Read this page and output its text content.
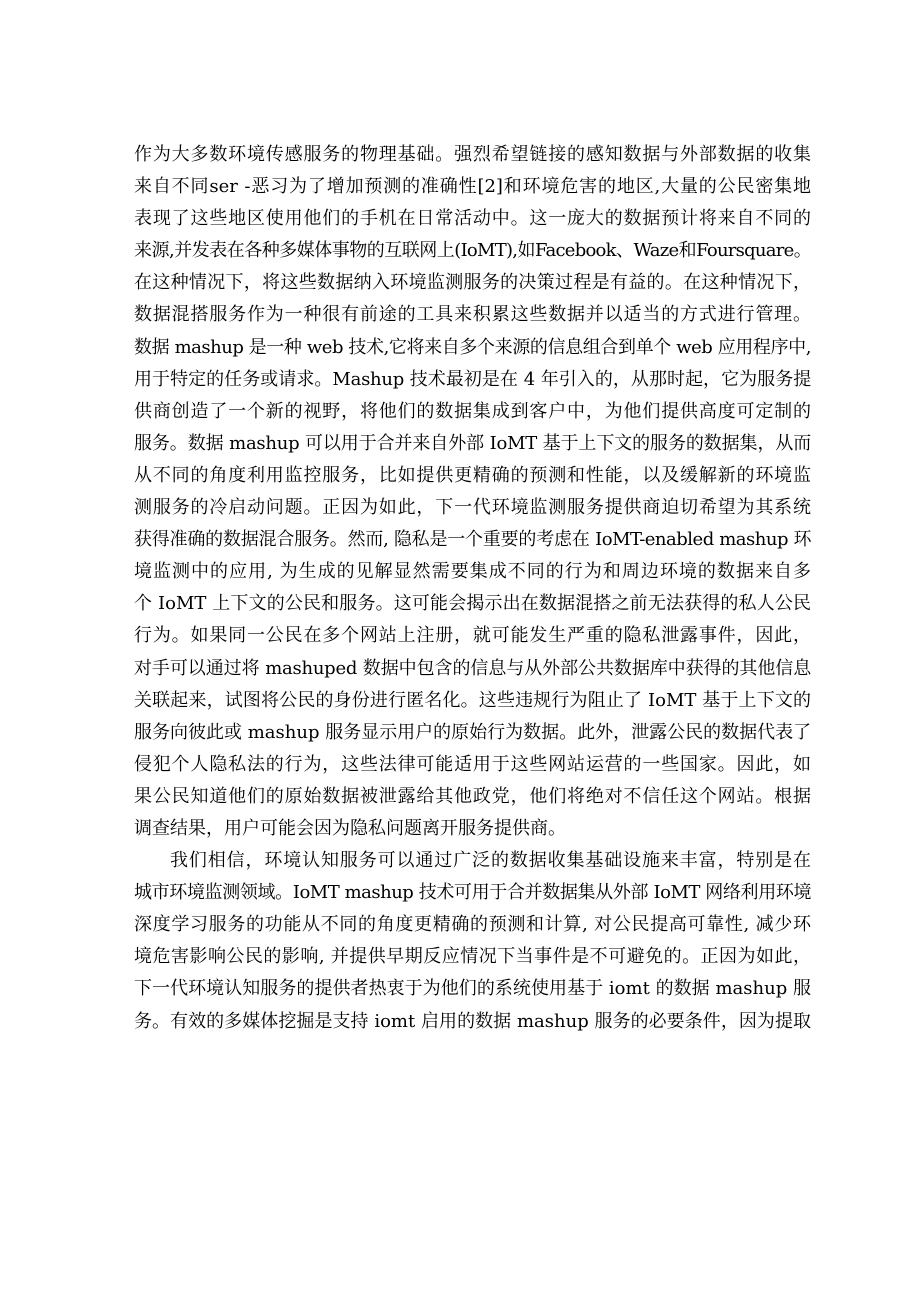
作为大多数环境传感服务的物理基础。强烈希望链接的感知数据与外部数据的收集
来自不同ser -恶习为了增加预测的准确性[2]和环境危害的地区,大量的公民密集地
表现了这些地区使用他们的手机在日常活动中。这一庞大的数据预计将来自不同的
来源,并发表在各种多媒体事物的互联网上(IoMT),如Facebook、Waze和Foursquare。
在这种情况下，将这些数据纳入环境监测服务的决策过程是有益的。在这种情况下，
数据混搭服务作为一种很有前途的工具来积累这些数据并以适当的方式进行管理。
数据 mashup 是一种 web 技术,它将来自多个来源的信息组合到单个 web 应用程序中,
用于特定的任务或请求。Mashup 技术最初是在 4 年引入的，从那时起，它为服务提
供商创造了一个新的视野，将他们的数据集成到客户中，为他们提供高度可定制的
服务。数据 mashup 可以用于合并来自外部 IoMT 基于上下文的服务的数据集，从而
从不同的角度利用监控服务，比如提供更精确的预测和性能，以及缓解新的环境监
测服务的冷启动问题。正因为如此，下一代环境监测服务提供商迫切希望为其系统
获得准确的数据混合服务。然而, 隐私是一个重要的考虑在 IoMT-enabled mashup 环
境监测中的应用, 为生成的见解显然需要集成不同的行为和周边环境的数据来自多
个 IoMT 上下文的公民和服务。这可能会揭示出在数据混搭之前无法获得的私人公民
行为。如果同一公民在多个网站上注册，就可能发生严重的隐私泄露事件，因此，
对手可以通过将 mashuped 数据中包含的信息与从外部公共数据库中获得的其他信息
关联起来，试图将公民的身份进行匿名化。这些违规行为阻止了 IoMT 基于上下文的
服务向彼此或 mashup 服务显示用户的原始行为数据。此外，泄露公民的数据代表了
侵犯个人隐私法的行为，这些法律可能适用于这些网站运营的一些国家。因此，如
果公民知道他们的原始数据被泄露给其他政党，他们将绝对不信任这个网站。根据
调查结果，用户可能会因为隐私问题离开服务提供商。
我们相信，环境认知服务可以通过广泛的数据收集基础设施来丰富，特别是在
城市环境监测领域。IoMT mashup 技术可用于合并数据集从外部 IoMT 网络利用环境
深度学习服务的功能从不同的角度更精确的预测和计算, 对公民提高可靠性, 减少环
境危害影响公民的影响, 并提供早期反应情况下当事件是不可避免的。正因为如此，
下一代环境认知服务的提供者热衷于为他们的系统使用基于 iomt 的数据 mashup 服
务。有效的多媒体挖掘是支持 iomt 启用的数据 mashup 服务的必要条件，因为提取
